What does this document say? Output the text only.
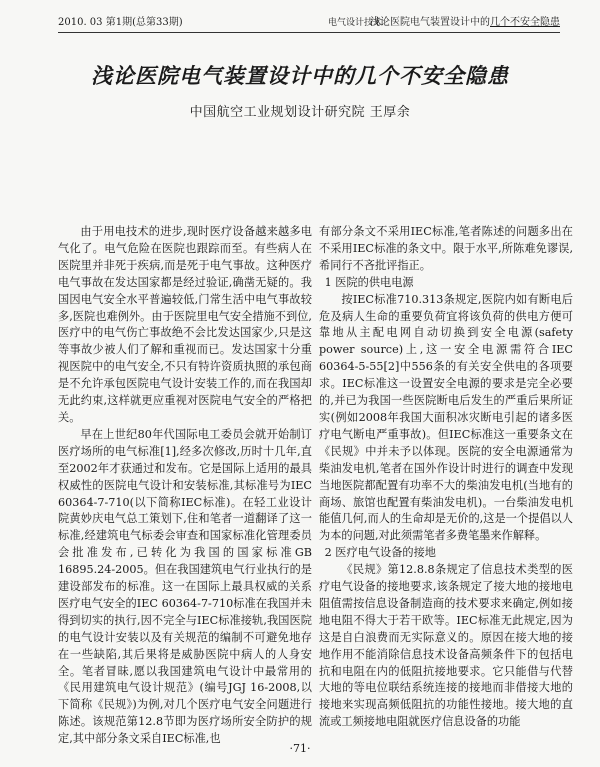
2010. 03 第1期(总第33期)	电气设计技术
浅论医院电气装置设计中的几个不安全隐患
浅论医院电气装置设计中的几个不安全隐患
中国航空工业规划设计研究院 王厚余

由于用电技术的进步,现时医疗设备越来越多电气化了。电气危险在医院也跟踪而至。有些病人在医院里并非死于疾病,而是死于电气事故。这种医疗电气事故在发达国家都是经过验证,确凿无疑的。我国因电气安全水平普遍较低,门常生活中电气事故较多,医院也难例外。由于医院里电气安全措施不到位,医疗中的电气伤亡事故绝不会比发达国家少,只是这等事故少被人们了解和重视而已。发达国家十分重视医院中的电气安全,不只有特许资质执照的承包商是不允许承包医院电气设计安装工作的,而在我国却无此约束,这样就更应重视对医院电气安全的严格把关。

早在上世纪80年代国际电工委员会就开始制订医疗场所的电气标准[1],经多次修改,历时十几年,直至2002年才获通过和发布。它是国际上适用的最具权威性的医院电气设计和安装标准,其标准号为IEC 60364-7-710(以下简称IEC标准)。在轻工业设计院黄妙庆电气总工策划下,住和笔者一道翻译了这一标准,经建筑电气标委会审查和国家标准化管理委员会批准发布,已转化为我国的国家标准GB 16895.24-2005。但在我国建筑电气行业执行的是建设部发布的标准。这一在国际上最具权威的关系医疗电气安全的IEC 60364-7-710标准在我国并未得到切实的执行,因不完全与IEC标准接轨,我国医院的电气设计安装以及有关规范的编制不可避免地存在一些缺陷,其后果将是威胁医院中病人的人身安全。笔者冒昧,愿以我国建筑电气设计中最常用的《民用建筑电气设计规范》(编号JGJ 16-2008,以下简称《民规》)为例,对几个医疗电气安全问题进行陈述。该规范第12.8节即为医疗场所安全防护的规定,其中部分条文采自IEC标准,也

有部分条文不采用IEC标准,笔者陈述的问题多出在不采用IEC标准的条文中。限于水平,所陈难免谬误,希同行不吝批评指正。

1 医院的供电电源

按IEC标准710.313条规定,医院内如有断电后危及病人生命的重要负荷宜将该负荷的供电方便可靠地从主配电网自动切换到安全电源(safety power source)上,这一安全电源需符合IEC 60364-5-55[2]中556条的有关安全供电的各项要求。IEC标准这一设置安全电源的要求是完全必要的,并已为我国一些医院断电后发生的严重后果所证实(例如2008年我国大面积冰灾断电引起的诸多医疗电气断电严重事故)。但IEC标准这一重要条文在《民规》中并未予以体现。医院的安全电源通常为柴油发电机,笔者在国外作设计时进行的调查中发现当地医院都配置有功率不大的柴油发电机(当地有的商场、旅馆也配置有柴油发电机)。一台柴油发电机能值几何,而人的生命却是无价的,这是一个提倡以人为本的问题,对此须需笔者多费笔墨来作解释。

2 医疗电气设备的接地

《民规》第12.8.8条规定了信息技术类型的医疗电气设备的接地要求,该条规定了接大地的接地电阻值需按信息设备制造商的技术要求来确定,例如接地电阻不得大于若干欧等。IEC标准无此规定,因为这是自白浪费而无实际意义的。原因在接大地的接地作用不能消除信息技术设备高频条件下的包括电抗和电阻在内的低阻抗接地要求。它只能借与代替大地的等电位联结系统连接的接地而非借接大地的接地来实现高频低阻抗的功能性接地。接大地的直流或工频接地电阻就医疗信息设备的功能

·71·
